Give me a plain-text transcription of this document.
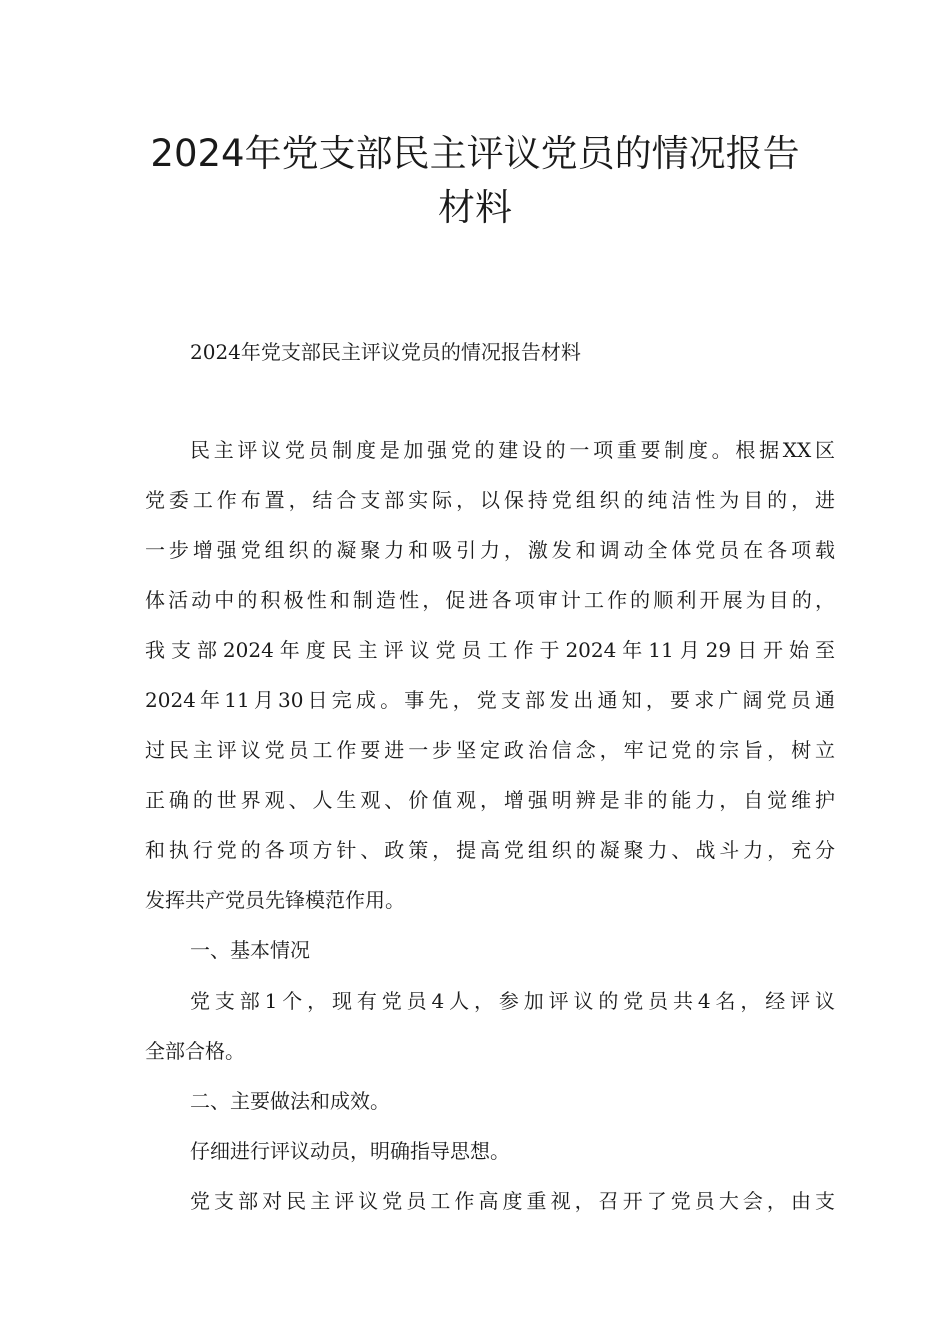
2024年党支部民主评议党员的情况报告
材料

2024年党支部民主评议党员的情况报告材料

民主评议党员制度是加强党的建设的一项重要制度。根据XX区

党委工作布置，结合支部实际，以保持党组织的纯洁性为目的，进

一步增强党组织的凝聚力和吸引力，激发和调动全体党员在各项载

体活动中的积极性和制造性，促进各项审计工作的顺利开展为目的，

我支部2024年度民主评议党员工作于2024年11月29日开始至

2024年11月30日完成。事先，党支部发出通知，要求广阔党员通

过民主评议党员工作要进一步坚定政治信念，牢记党的宗旨，树立

正确的世界观、人生观、价值观，增强明辨是非的能力，自觉维护

和执行党的各项方针、政策，提高党组织的凝聚力、战斗力，充分

发挥共产党员先锋模范作用。

一、基本情况

党支部1个，现有党员4人，参加评议的党员共4名，经评议

全部合格。

二、主要做法和成效。

仔细进行评议动员，明确指导思想。

党支部对民主评议党员工作高度重视，召开了党员大会，由支
